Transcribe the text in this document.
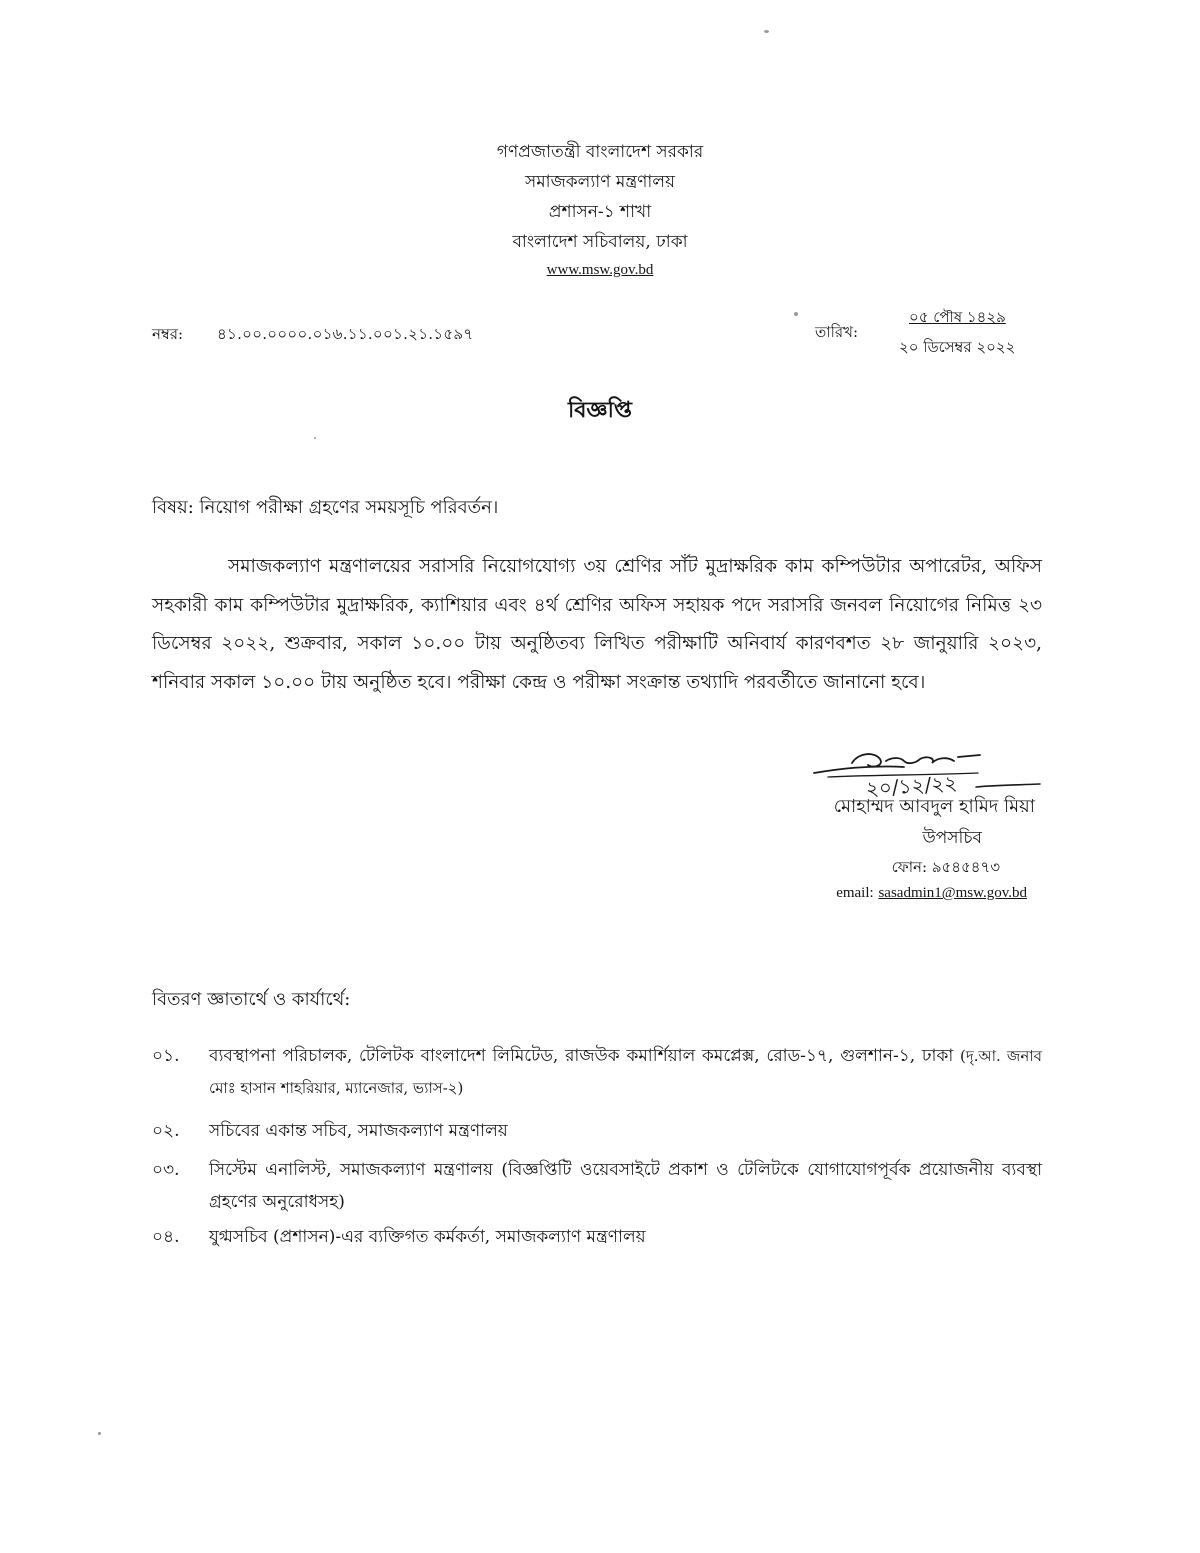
গণপ্রজাতন্ত্রী বাংলাদেশ সরকার
সমাজকল্যাণ মন্ত্রণালয়
প্রশাসন-১ শাখা
বাংলাদেশ সচিবালয়, ঢাকা
www.msw.gov.bd
নম্বর: ৪১.০০.০০০০.০১৬.১১.০০১.২১.১৫৯৭	তারিখ:
০৫ পৌষ ১৪২৯
২০ ডিসেম্বর ২০২২
বিজ্ঞপ্তি
বিষয়: নিয়োগ পরীক্ষা গ্রহণের সময়সূচি পরিবর্তন।
সমাজকল্যাণ মন্ত্রণালয়ের সরাসরি নিয়োগযোগ্য ৩য় শ্রেণির সাঁট মুদ্রাক্ষরিক কাম কম্পিউটার অপারেটর, অফিস সহকারী কাম কম্পিউটার মুদ্রাক্ষরিক, ক্যাশিয়ার এবং ৪র্থ শ্রেণির অফিস সহায়ক পদে সরাসরি জনবল নিয়োগের নিমিত্ত ২৩ ডিসেম্বর ২০২২, শুক্রবার, সকাল ১০.০০ টায় অনুষ্ঠিতব্য লিখিত পরীক্ষাটি অনিবার্য কারণবশত ২৮ জানুয়ারি ২০২৩, শনিবার সকাল ১০.০০ টায় অনুষ্ঠিত হবে। পরীক্ষা কেন্দ্র ও পরীক্ষা সংক্রান্ত তথ্যাদি পরবর্তীতে জানানো হবে।
২০/১২/২২
মোহাম্মদ আবদুল হামিদ মিয়া
উপসচিব
ফোন: ৯৫৪৫৪৭৩
email: sasadmin1@msw.gov.bd
বিতরণ জ্ঞাতার্থে ও কার্যার্থে:
০১. ব্যবস্থাপনা পরিচালক, টেলিটক বাংলাদেশ লিমিটেড, রাজউক কমার্শিয়াল কমপ্লেক্স, রোড-১৭, গুলশান-১, ঢাকা (দৃ.আ. জনাব মোঃ হাসান শাহরিয়ার, ম্যানেজার, ভ্যাস-২)
০২. সচিবের একান্ত সচিব, সমাজকল্যাণ মন্ত্রণালয়
০৩. সিস্টেম এনালিস্ট, সমাজকল্যাণ মন্ত্রণালয় (বিজ্ঞপ্তিটি ওয়েবসাইটে প্রকাশ ও টেলিটকে যোগাযোগপূর্বক প্রয়োজনীয় ব্যবস্থা গ্রহণের অনুরোধসহ)
০৪. যুগ্মসচিব (প্রশাসন)-এর ব্যক্তিগত কর্মকর্তা, সমাজকল্যাণ মন্ত্রণালয়
